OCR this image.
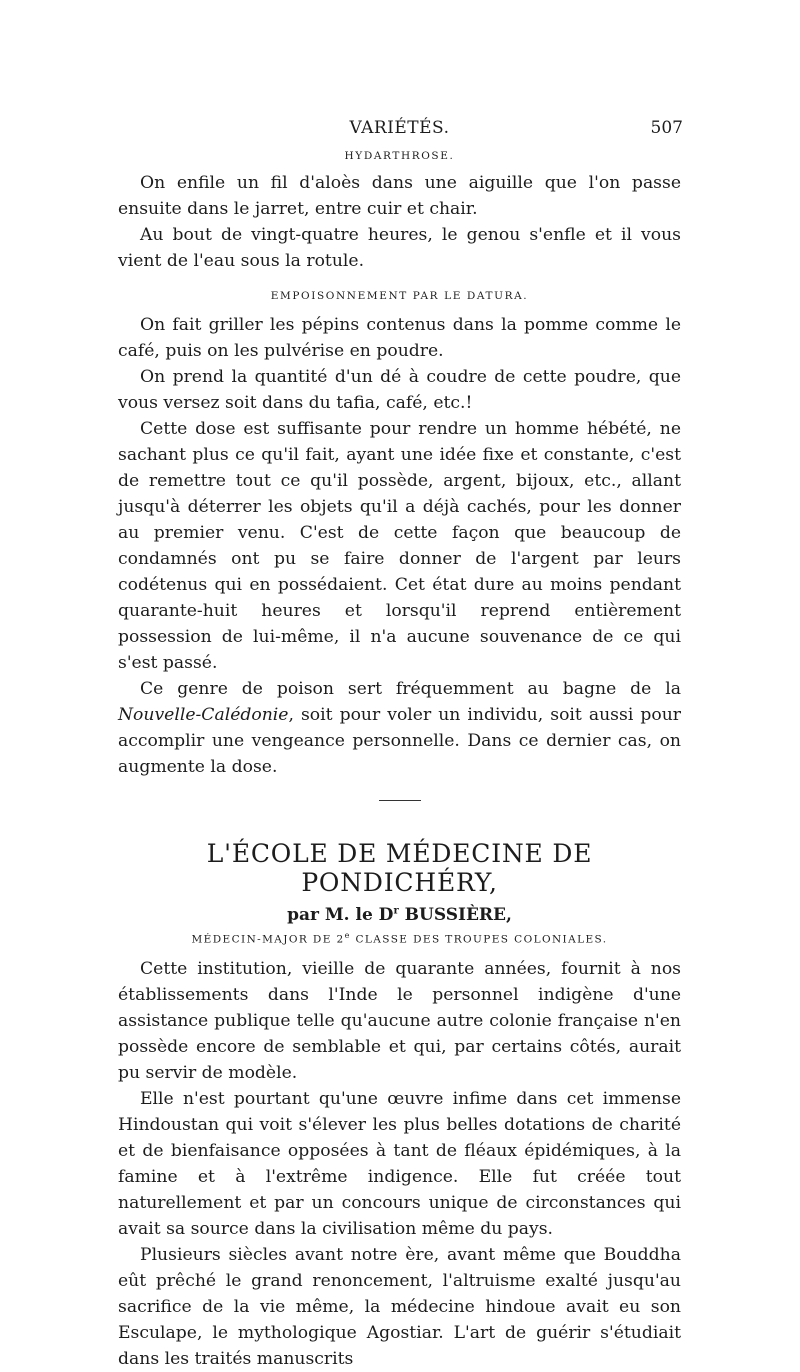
VARIÉTÉS.	507
HYDARTHROSE.

On enfile un fil d'aloès dans une aiguille que l'on passe ensuite dans le jarret, entre cuir et chair.

Au bout de vingt-quatre heures, le genou s'enfle et il vous vient de l'eau sous la rotule.

EMPOISONNEMENT PAR LE DATURA.

On fait griller les pépins contenus dans la pomme comme le café, puis on les pulvérise en poudre.

On prend la quantité d'un dé à coudre de cette poudre, que vous versez soit dans du tafia, café, etc.!

Cette dose est suffisante pour rendre un homme hébété, ne sachant plus ce qu'il fait, ayant une idée fixe et constante, c'est de remettre tout ce qu'il possède, argent, bijoux, etc., allant jusqu'à déterrer les objets qu'il a déjà cachés, pour les donner au premier venu. C'est de cette façon que beaucoup de condamnés ont pu se faire donner de l'argent par leurs codétenus qui en possédaient. Cet état dure au moins pendant quarante-huit heures et lorsqu'il reprend entièrement possession de lui-même, il n'a aucune souvenance de ce qui s'est passé.

Ce genre de poison sert fréquemment au bagne de la Nouvelle-Calédonie, soit pour voler un individu, soit aussi pour accomplir une vengeance personnelle. Dans ce dernier cas, on augmente la dose.

L'ÉCOLE DE MÉDECINE DE PONDICHÉRY,
par M. le $D^r$ BUSSIÈRE,
MÉDECIN-MAJOR DE 2e CLASSE DES TROUPES COLONIALES.

Cette institution, vieille de quarante années, fournit à nos établissements dans l'Inde le personnel indigène d'une assistance publique telle qu'aucune autre colonie française n'en possède encore de semblable et qui, par certains côtés, aurait pu servir de modèle.

Elle n'est pourtant qu'une œuvre infime dans cet immense Hindoustan qui voit s'élever les plus belles dotations de charité et de bienfaisance opposées à tant de fléaux épidémiques, à la famine et à l'extrême indigence. Elle fut créée tout naturellement et par un concours unique de circonstances qui avait sa source dans la civilisation même du pays.

Plusieurs siècles avant notre ère, avant même que Bouddha eût prêché le grand renoncement, l'altruisme exalté jusqu'au sacrifice de la vie même, la médecine hindoue avait eu son Esculape, le mythologique Agostiar. L'art de guérir s'étudiait dans les traités manuscrits
